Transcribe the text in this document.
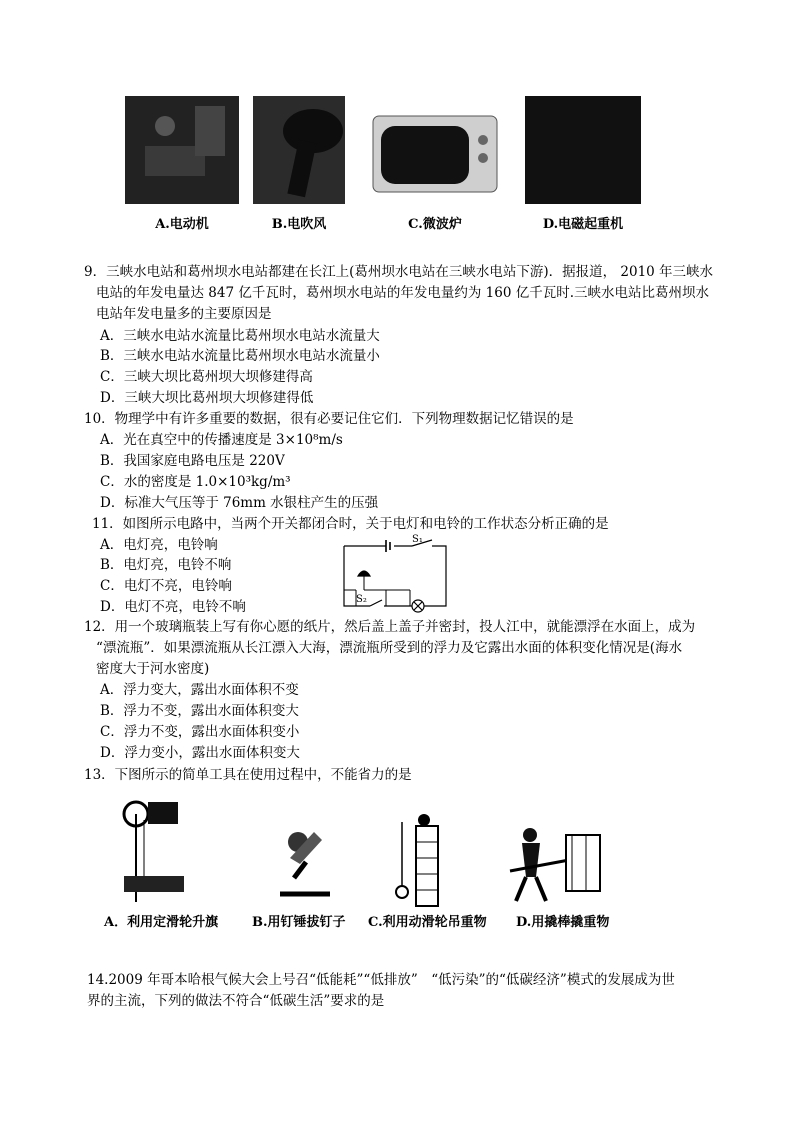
A.电动机	B.电吹风	C.微波炉	D.电磁起重机
9．三峡水电站和葛州坝水电站都建在长江上(葛州坝水电站在三峡水电站下游)．据报道， 2010 年三峡水
电站的年发电量达 847 亿千瓦时，葛州坝水电站的年发电量约为 160 亿千瓦时.三峡水电站比葛州坝水
电站年发电量多的主要原因是
A．三峡水电站水流量比葛州坝水电站水流量大
B．三峡水电站水流量比葛州坝水电站水流量小
C．三峡大坝比葛州坝大坝修建得高
D．三峡大坝比葛州坝大坝修建得低
10．物理学中有许多重要的数据，很有必要记住它们．下列物理数据记忆错误的是
A．光在真空中的传播速度是 3×10⁸m/s
B．我国家庭电路电压是 220V
C．水的密度是 1.0×10³kg/m³
D．标准大气压等于 76mm 水银柱产生的压强
11．如图所示电路中，当两个开关都闭合时，关于电灯和电铃的工作状态分析正确的是
A．电灯亮，电铃响
B．电灯亮，电铃不响
C．电灯不亮，电铃响
D．电灯不亮，电铃不响
S₁
S₂
12．用一个玻璃瓶装上写有你心愿的纸片，然后盖上盖子并密封，投人江中，就能漂浮在水面上，成为
“漂流瓶”．如果漂流瓶从长江漂入大海，漂流瓶所受到的浮力及它露出水面的体积变化情况是(海水
密度大于河水密度)
A．浮力变大，露出水面体积不变
B．浮力不变，露出水面体积变大
C．浮力不变，露出水面体积变小
D．浮力变小，露出水面体积变大
13．下图所示的简单工具在使用过程中，不能省力的是
A．利用定滑轮升旗	B.用钉锤拔钉子 C.利用动滑轮吊重物 D.用撬棒撬重物
14.2009 年哥本哈根气候大会上号召“低能耗”“低排放”　“低污染”的“低碳经济”模式的发展成为世
界的主流，下列的做法不符合“低碳生活”要求的是
